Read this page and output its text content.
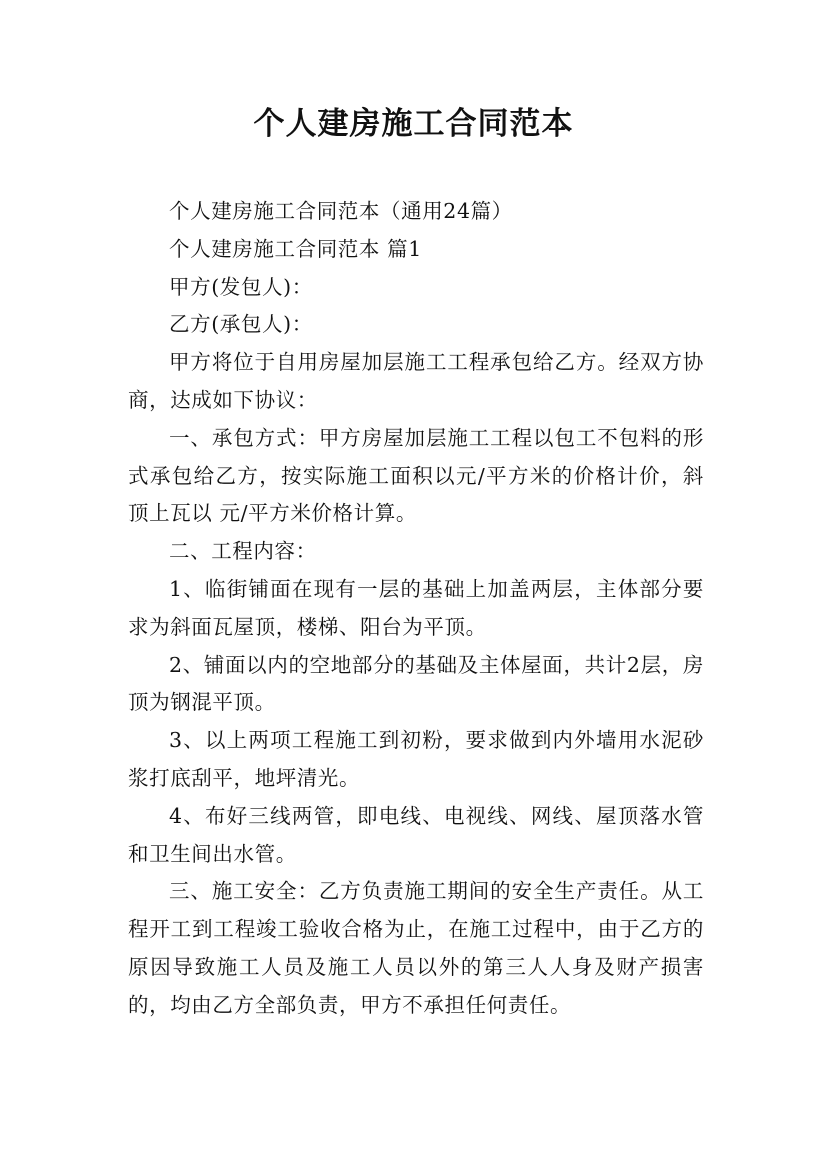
个人建房施工合同范本

个人建房施工合同范本（通用24篇）

个人建房施工合同范本 篇1

甲方(发包人)：

乙方(承包人)：

甲方将位于自用房屋加层施工工程承包给乙方。经双方协商，达成如下协议：

一、承包方式：甲方房屋加层施工工程以包工不包料的形式承包给乙方，按实际施工面积以元/平方米的价格计价，斜顶上瓦以 元/平方米价格计算。

二、工程内容：

1、临街铺面在现有一层的基础上加盖两层，主体部分要求为斜面瓦屋顶，楼梯、阳台为平顶。

2、铺面以内的空地部分的基础及主体屋面，共计2层，房顶为钢混平顶。

3、以上两项工程施工到初粉，要求做到内外墙用水泥砂浆打底刮平，地坪清光。

4、布好三线两管，即电线、电视线、网线、屋顶落水管和卫生间出水管。

三、施工安全：乙方负责施工期间的安全生产责任。从工程开工到工程竣工验收合格为止，在施工过程中，由于乙方的原因导致施工人员及施工人员以外的第三人人身及财产损害的，均由乙方全部负责，甲方不承担任何责任。
